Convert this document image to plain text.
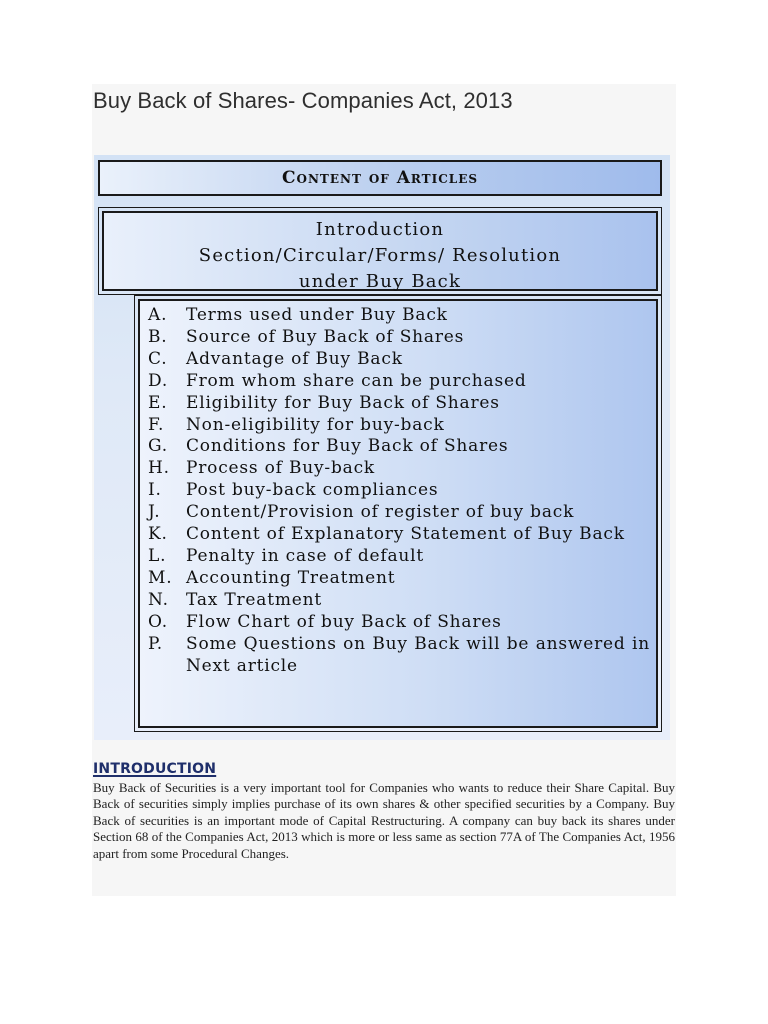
Buy Back of Shares- Companies Act, 2013
Content of Articles
Introduction
Section/Circular/Forms/ Resolution
under Buy Back
A.	Terms used under Buy Back
B.	Source of Buy Back of Shares
C.	Advantage of Buy Back
D.	From whom share can be purchased
E.	Eligibility for Buy Back of Shares
F.	Non-eligibility for buy-back
G.	Conditions for Buy Back of Shares
H. Process of Buy-back
I.	Post buy-back compliances
J.	Content/Provision of register of buy back
K.	Content of Explanatory Statement of Buy Back
L.	Penalty in case of default
M. Accounting Treatment
N.	Tax Treatment
O.	Flow Chart of buy Back of Shares
P.	Some Questions on Buy Back will be answered in Next article
INTRODUCTION

Buy Back of Securities is a very important tool for Companies who wants to reduce their Share Capital. Buy Back of securities simply implies purchase of its own shares & other specified securities by a Company. Buy Back of securities is an important mode of Capital Restructuring. A company can buy back its shares under Section 68 of the Companies Act, 2013 which is more or less same as section 77A of The Companies Act, 1956 apart from some Procedural Changes.
